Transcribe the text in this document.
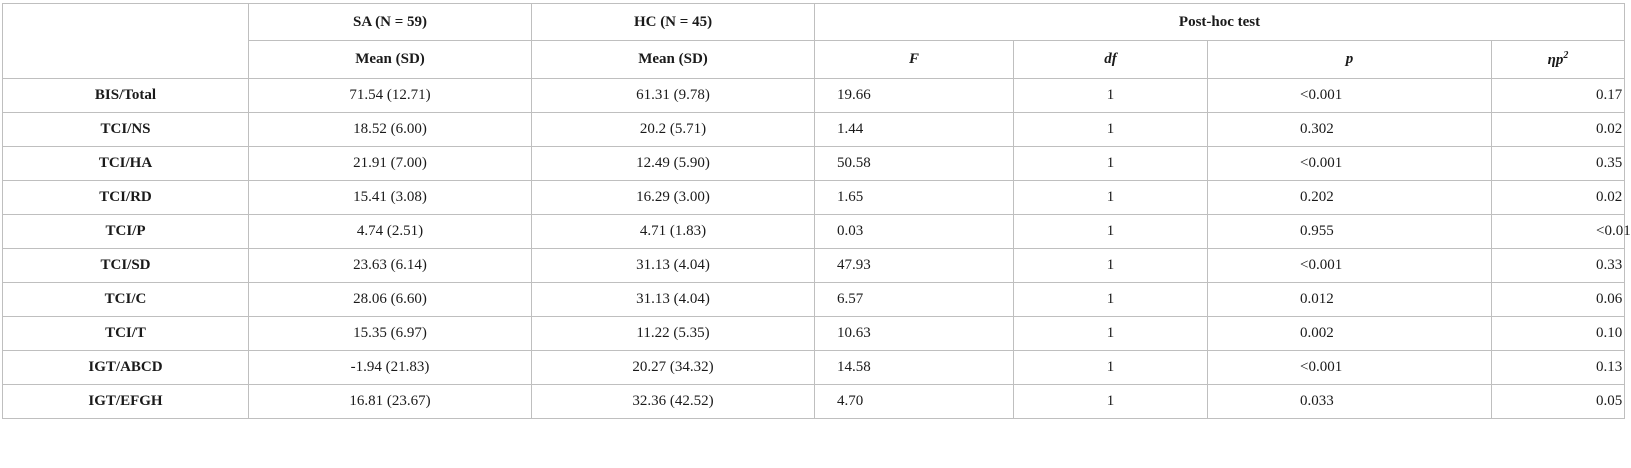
	SA (N = 59)	HC (N = 45)	Post-hoc test			
	Mean (SD)	Mean (SD)	F	df	p	$\eta p^2$
BIS/Total	71.54 (12.71)	61.31 (9.78)	19.66	1	<0.001	0.17
TCI/NS	18.52 (6.00)	20.2 (5.71)	1.44	1	0.302	0.02
TCI/HA	21.91 (7.00)	12.49 (5.90)	50.58	1	<0.001	0.35
TCI/RD	15.41 (3.08)	16.29 (3.00)	1.65	1	0.202	0.02
TCI/P	4.74 (2.51)	4.71 (1.83)	0.03	1	0.955	<0.01
TCI/SD	23.63 (6.14)	31.13 (4.04)	47.93	1	<0.001	0.33
TCI/C	28.06 (6.60)	31.13 (4.04)	6.57	1	0.012	0.06
TCI/T	15.35 (6.97)	11.22 (5.35)	10.63	1	0.002	0.10
IGT/ABCD	-1.94 (21.83)	20.27 (34.32)	14.58	1	<0.001	0.13
IGT/EFGH	16.81 (23.67)	32.36 (42.52)	4.70	1	0.033	0.05
